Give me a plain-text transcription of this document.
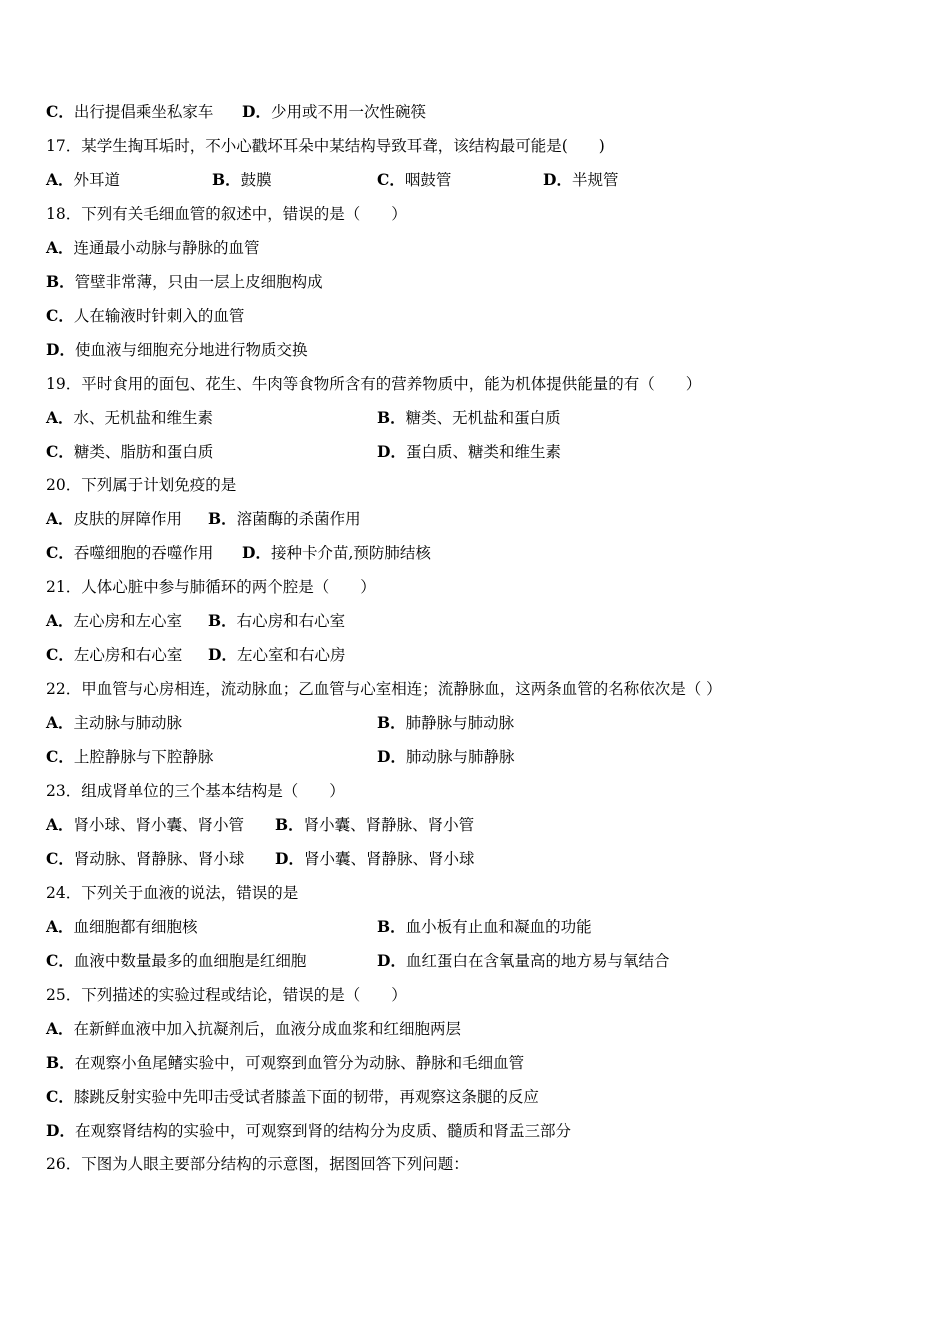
C．出行提倡乘坐私家车 D．少用或不用一次性碗筷
17．某学生掏耳垢时，不小心戳坏耳朵中某结构导致耳聋，该结构最可能是(　　)
A．外耳道	B．鼓膜	C．咽鼓管	D．半规管
18．下列有关毛细血管的叙述中，错误的是（　　）
A．连通最小动脉与静脉的血管
B．管壁非常薄，只由一层上皮细胞构成
C．人在输液时针刺入的血管
D．使血液与细胞充分地进行物质交换
19．平时食用的面包、花生、牛肉等食物所含有的营养物质中，能为机体提供能量的有（　　）
A．水、无机盐和维生素	B．糖类、无机盐和蛋白质
C．糖类、脂肪和蛋白质	D．蛋白质、糖类和维生素
20．下列属于计划免疫的是
A．皮肤的屏障作用 B．溶菌酶的杀菌作用
C．吞噬细胞的吞噬作用 D．接种卡介苗,预防肺结核
21．人体心脏中参与肺循环的两个腔是（　　）
A．左心房和左心室 B．右心房和右心室
C．左心房和右心室 D．左心室和右心房
22．甲血管与心房相连，流动脉血；乙血管与心室相连；流静脉血，这两条血管的名称依次是（ ）
A．主动脉与肺动脉	B．肺静脉与肺动脉
C．上腔静脉与下腔静脉	D．肺动脉与肺静脉
23．组成肾单位的三个基本结构是（　　）
A．肾小球、肾小囊、肾小管 B．肾小囊、肾静脉、肾小管
C．肾动脉、肾静脉、肾小球 D．肾小囊、肾静脉、肾小球
24．下列关于血液的说法，错误的是
A．血细胞都有细胞核	B．血小板有止血和凝血的功能
C．血液中数量最多的血细胞是红细胞	D．血红蛋白在含氧量高的地方易与氧结合
25．下列描述的实验过程或结论，错误的是（　　）
A．在新鲜血液中加入抗凝剂后，血液分成血浆和红细胞两层
B．在观察小鱼尾鳍实验中，可观察到血管分为动脉、静脉和毛细血管
C．膝跳反射实验中先叩击受试者膝盖下面的韧带，再观察这条腿的反应
D．在观察肾结构的实验中，可观察到肾的结构分为皮质、髓质和肾盂三部分
26．下图为人眼主要部分结构的示意图，据图回答下列问题：
